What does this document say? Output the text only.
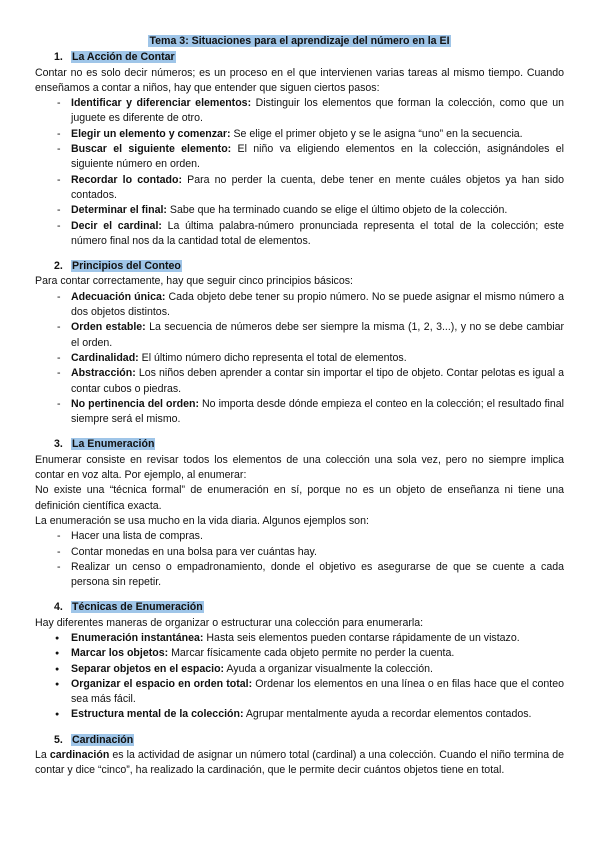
Tema 3: Situaciones para el aprendizaje del número en la EI
1. La Acción de Contar

Contar no es solo decir números; es un proceso en el que intervienen varias tareas al mismo tiempo. Cuando enseñamos a contar a niños, hay que entender que siguen ciertos pasos:

- Identificar y diferenciar elementos: Distinguir los elementos que forman la colección, como que un juguete es diferente de otro.
- Elegir un elemento y comenzar: Se elige el primer objeto y se le asigna “uno” en la secuencia.
- Buscar el siguiente elemento: El niño va eligiendo elementos en la colección, asignándoles el siguiente número en orden.
- Recordar lo contado: Para no perder la cuenta, debe tener en mente cuáles objetos ya han sido contados.
- Determinar el final: Sabe que ha terminado cuando se elige el último objeto de la colección.
- Decir el cardinal: La última palabra-número pronunciada representa el total de la colección; este número final nos da la cantidad total de elementos.
2. Principios del Conteo

Para contar correctamente, hay que seguir cinco principios básicos:

- Adecuación única: Cada objeto debe tener su propio número. No se puede asignar el mismo número a dos objetos distintos.
- Orden estable: La secuencia de números debe ser siempre la misma (1, 2, 3...), y no se debe cambiar el orden.
- Cardinalidad: El último número dicho representa el total de elementos.
- Abstracción: Los niños deben aprender a contar sin importar el tipo de objeto. Contar pelotas es igual a contar cubos o piedras.
- No pertinencia del orden: No importa desde dónde empieza el conteo en la colección; el resultado final siempre será el mismo.
3. La Enumeración

Enumerar consiste en revisar todos los elementos de una colección una sola vez, pero no siempre implica contar en voz alta. Por ejemplo, al enumerar:

No existe una “técnica formal” de enumeración en sí, porque no es un objeto de enseñanza ni tiene una definición científica exacta.

La enumeración se usa mucho en la vida diaria. Algunos ejemplos son:

- Hacer una lista de compras.
- Contar monedas en una bolsa para ver cuántas hay.
- Realizar un censo o empadronamiento, donde el objetivo es asegurarse de que se cuente a cada persona sin repetir.
4. Técnicas de Enumeración

Hay diferentes maneras de organizar o estructurar una colección para enumerarla:

● Enumeración instantánea: Hasta seis elementos pueden contarse rápidamente de un vistazo.
● Marcar los objetos: Marcar físicamente cada objeto permite no perder la cuenta.
● Separar objetos en el espacio: Ayuda a organizar visualmente la colección.
● Organizar el espacio en orden total: Ordenar los elementos en una línea o en filas hace que el conteo sea más fácil.
● Estructura mental de la colección: Agrupar mentalmente ayuda a recordar elementos contados.
5. Cardinación

La cardinación es la actividad de asignar un número total (cardinal) a una colección. Cuando el niño termina de contar y dice “cinco”, ha realizado la cardinación, que le permite decir cuántos objetos tiene en total.
